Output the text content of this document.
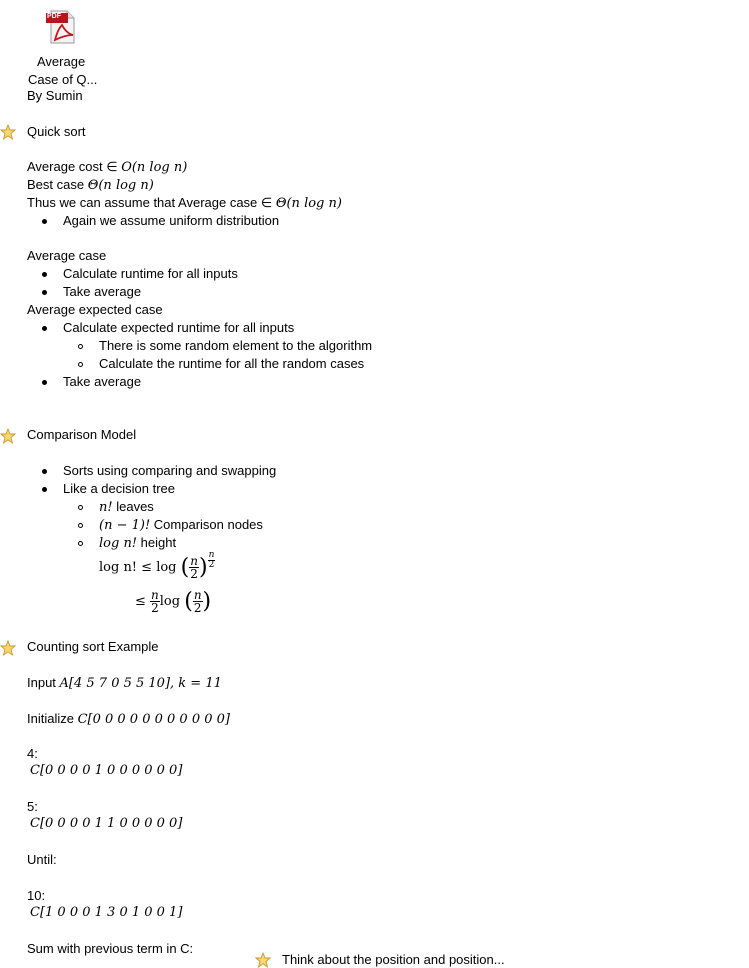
PDF
Average
Case of Q...
By Sumin
Quick sort
Average cost ∈ O(n log n)
Best case Θ(n log n)
Thus we can assume that Average case ∈ Θ(n log n)
Again we assume uniform distribution
Average case
Calculate runtime for all inputs
Take average
Average expected case
Calculate expected runtime for all inputs
There is some random element to the algorithm
Calculate the runtime for all the random cases
Take average
Comparison Model
Sorts using comparing and swapping
Like a decision tree
n! leaves
(n − 1)! Comparison nodes
log n! height
log n! ≤ log ( $\frac{n}{2}$ ) $\frac{n}{2}$
≤ $\frac{n}{2}$ log ( $\frac{n}{2}$ )
Counting sort Example
Input A[4 5 7 0 5 5 10], k = 11
Initialize C[0 0 0 0 0 0 0 0 0 0 0]
4:
C[0 0 0 0 1 0 0 0 0 0 0]
5:
C[0 0 0 0 1 1 0 0 0 0 0]
Until:
10:
C[1 0 0 0 1 3 0 1 0 0 1]
Sum with previous term in C:
Think about the position and position...
